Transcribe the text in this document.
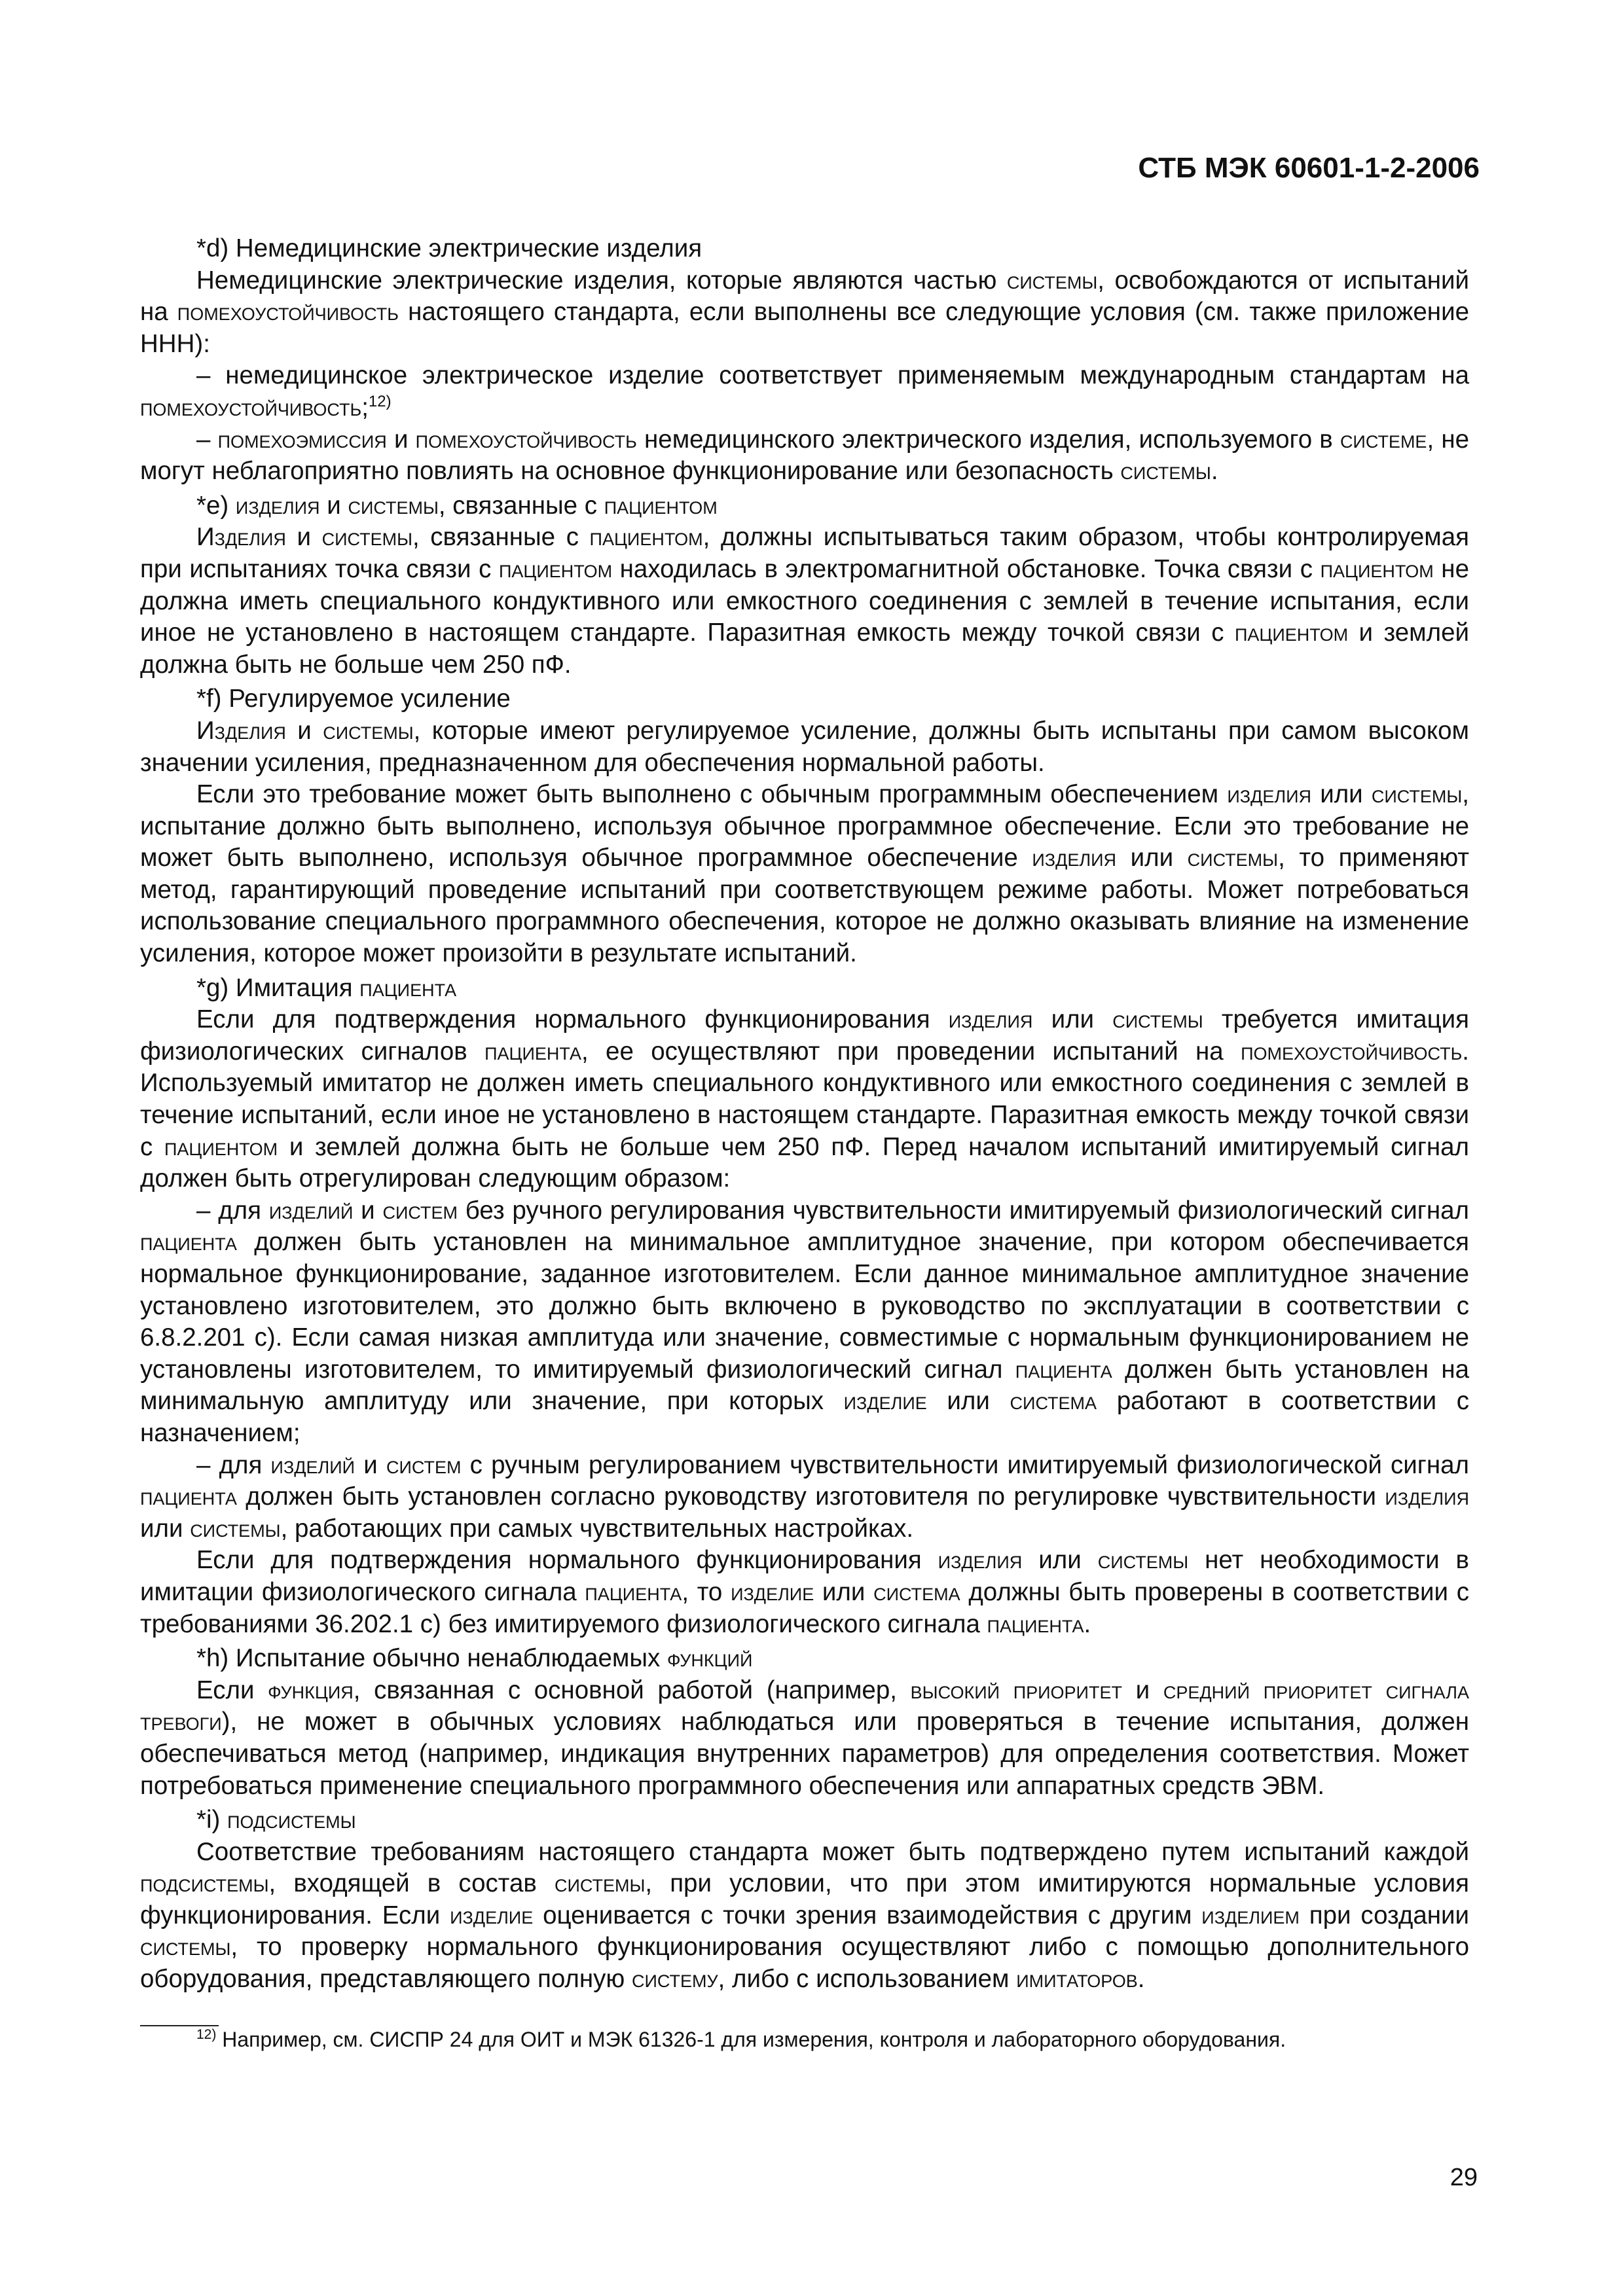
СТБ МЭК 60601-1-2-2006

*d) Немедицинские электрические изделия

Немедицинские электрические изделия, которые являются частью системы, освобождаются от испытаний на помехоустойчивость настоящего стандарта, если выполнены все следующие условия (см. также приложение ННН):

– немедицинское электрическое изделие соответствует применяемым международным стандартам на помехоустойчивость;$^{12)}$

– помехоэмиссия и помехоустойчивость немедицинского электрического изделия, используемого в системе, не могут неблагоприятно повлиять на основное функционирование или безопасность системы.

*e) изделия и системы, связанные с пациентом

Изделия и системы, связанные с пациентом, должны испытываться таким образом, чтобы контролируемая при испытаниях точка связи с пациентом находилась в электромагнитной обстановке. Точка связи с пациентом не должна иметь специального кондуктивного или емкостного соединения с землей в течение испытания, если иное не установлено в настоящем стандарте. Паразитная емкость между точкой связи с пациентом и землей должна быть не больше чем 250 пФ.

*f) Регулируемое усиление

Изделия и системы, которые имеют регулируемое усиление, должны быть испытаны при самом высоком значении усиления, предназначенном для обеспечения нормальной работы.

Если это требование может быть выполнено с обычным программным обеспечением изделия или системы, испытание должно быть выполнено, используя обычное программное обеспечение. Если это требование не может быть выполнено, используя обычное программное обеспечение изделия или системы, то применяют метод, гарантирующий проведение испытаний при соответствующем режиме работы. Может потребоваться использование специального программного обеспечения, которое не должно оказывать влияние на изменение усиления, которое может произойти в результате испытаний.

*g) Имитация пациента

Если для подтверждения нормального функционирования изделия или системы требуется имитация физиологических сигналов пациента, ее осуществляют при проведении испытаний на помехоустойчивость. Используемый имитатор не должен иметь специального кондуктивного или емкостного соединения с землей в течение испытаний, если иное не установлено в настоящем стандарте. Паразитная емкость между точкой связи с пациентом и землей должна быть не больше чем 250 пФ. Перед началом испытаний имитируемый сигнал должен быть отрегулирован следующим образом:

– для изделий и систем без ручного регулирования чувствительности имитируемый физиологический сигнал пациента должен быть установлен на минимальное амплитудное значение, при котором обеспечивается нормальное функционирование, заданное изготовителем. Если данное минимальное амплитудное значение установлено изготовителем, это должно быть включено в руководство по эксплуатации в соответствии с 6.8.2.201 с). Если самая низкая амплитуда или значение, совместимые с нормальным функционированием не установлены изготовителем, то имитируемый физиологический сигнал пациента должен быть установлен на минимальную амплитуду или значение, при которых изделие или система работают в соответствии с назначением;

– для изделий и систем с ручным регулированием чувствительности имитируемый физиологической сигнал пациента должен быть установлен согласно руководству изготовителя по регулировке чувствительности изделия или системы, работающих при самых чувствительных настройках.

Если для подтверждения нормального функционирования изделия или системы нет необходимости в имитации физиологического сигнала пациента, то изделие или система должны быть проверены в соответствии с требованиями 36.202.1 с) без имитируемого физиологического сигнала пациента.

*h) Испытание обычно ненаблюдаемых функций

Если функция, связанная с основной работой (например, высокий приоритет и средний приоритет сигнала тревоги), не может в обычных условиях наблюдаться или проверяться в течение испытания, должен обеспечиваться метод (например, индикация внутренних параметров) для определения соответствия. Может потребоваться применение специального программного обеспечения или аппаратных средств ЭВМ.

*i) подсистемы

Соответствие требованиям настоящего стандарта может быть подтверждено путем испытаний каждой подсистемы, входящей в состав системы, при условии, что при этом имитируются нормальные условия функционирования. Если изделие оценивается с точки зрения взаимодействия с другим изделием при создании системы, то проверку нормального функционирования осуществляют либо с помощью дополнительного оборудования, представляющего полную систему, либо с использованием имитаторов.

$^{12)}$ Например, см. СИСПР 24 для ОИТ и МЭК 61326-1 для измерения, контроля и лабораторного оборудования.
29
